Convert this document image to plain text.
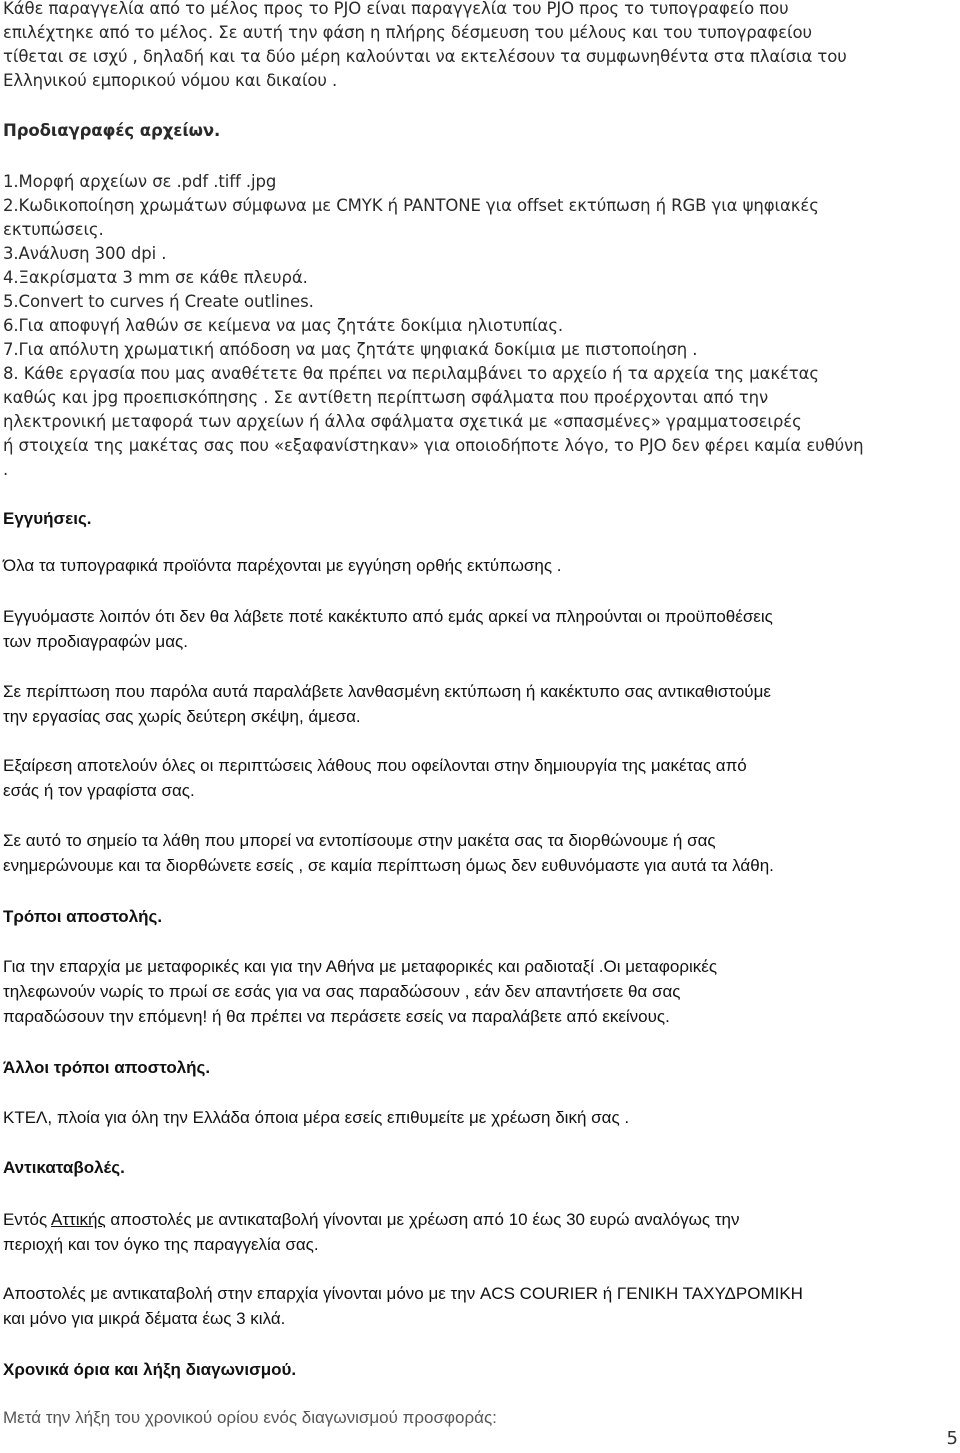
Κάθε παραγγελία από το μέλος προς το PJO είναι παραγγελία του PJO προς το τυπογραφείο που
επιλέχτηκε από το μέλος. Σε αυτή την φάση η πλήρης δέσμευση του μέλους και του τυπογραφείου
τίθεται σε ισχύ , δηλαδή και τα δύο μέρη καλούνται να εκτελέσουν τα συμφωνηθέντα στα πλαίσια του
Ελληνικού εμπορικού νόμου και δικαίου .
Προδιαγραφές αρχείων.
1.Μορφή αρχείων σε .pdf .tiff .jpg
2.Κωδικοποίηση χρωμάτων σύμφωνα με CMYK ή PANTONE για offset εκτύπωση ή RGB για ψηφιακές
εκτυπώσεις.
3.Ανάλυση 300 dpi .
4.Ξακρίσματα 3 mm σε κάθε πλευρά.
5.Convert to curves ή Create outlines.
6.Για αποφυγή λαθών σε κείμενα να μας ζητάτε δοκίμια ηλιοτυπίας.
7.Για απόλυτη χρωματική απόδοση να μας ζητάτε ψηφιακά δοκίμια με πιστοποίηση .
8. Κάθε εργασία που μας αναθέτετε θα πρέπει να περιλαμβάνει το αρχείο ή τα αρχεία της μακέτας
καθώς και jpg προεπισκόπησης . Σε αντίθετη περίπτωση σφάλματα που προέρχονται από την
ηλεκτρονική μεταφορά των αρχείων ή άλλα σφάλματα σχετικά με «σπασμένες» γραμματοσειρές
ή στοιχεία της μακέτας σας που «εξαφανίστηκαν» για οποιοδήποτε λόγο, το PJO δεν φέρει καμία ευθύνη
.
Εγγυήσεις.
Όλα τα τυπογραφικά προϊόντα παρέχονται με εγγύηση ορθής εκτύπωσης .
Εγγυόμαστε λοιπόν ότι δεν θα λάβετε ποτέ κακέκτυπο από εμάς αρκεί να πληρούνται οι προϋποθέσεις
των προδιαγραφών μας.
Σε περίπτωση που παρόλα αυτά παραλάβετε λανθασμένη εκτύπωση ή κακέκτυπο σας αντικαθιστούμε
την εργασίας σας χωρίς δεύτερη σκέψη, άμεσα.
Εξαίρεση αποτελούν όλες οι περιπτώσεις λάθους που οφείλονται στην δημιουργία της μακέτας από
εσάς ή τον γραφίστα σας.
Σε αυτό το σημείο τα λάθη που μπορεί να εντοπίσουμε στην μακέτα σας τα διορθώνουμε ή σας
ενημερώνουμε και τα διορθώνετε εσείς , σε καμία περίπτωση όμως δεν ευθυνόμαστε για αυτά τα λάθη.
Τρόποι αποστολής.
Για την επαρχία με μεταφορικές και για την Αθήνα με μεταφορικές και ραδιοταξί .Οι μεταφορικές
τηλεφωνούν νωρίς το πρωί σε εσάς για να σας παραδώσουν , εάν δεν απαντήσετε θα σας
παραδώσουν την επόμενη! ή θα πρέπει να περάσετε εσείς να παραλάβετε από εκείνους.
Άλλοι τρόποι αποστολής.
ΚΤΕΛ, πλοία για όλη την Ελλάδα όποια μέρα εσείς επιθυμείτε με χρέωση δική σας .
Αντικαταβολές.
Εντός Αττικής αποστολές με αντικαταβολή γίνονται με χρέωση από 10 έως 30 ευρώ αναλόγως την
περιοχή και τον όγκο της παραγγελία σας.
Αποστολές με αντικαταβολή στην επαρχία γίνονται μόνο με την ACS COURIER ή ΓΕΝΙΚΗ ΤΑΧΥΔΡΟΜΙΚΗ
και μόνο για μικρά δέματα έως 3 κιλά.
Χρονικά όρια και λήξη διαγωνισμού.
Μετά την λήξη του χρονικού ορίου ενός διαγωνισμού προσφοράς:
5
